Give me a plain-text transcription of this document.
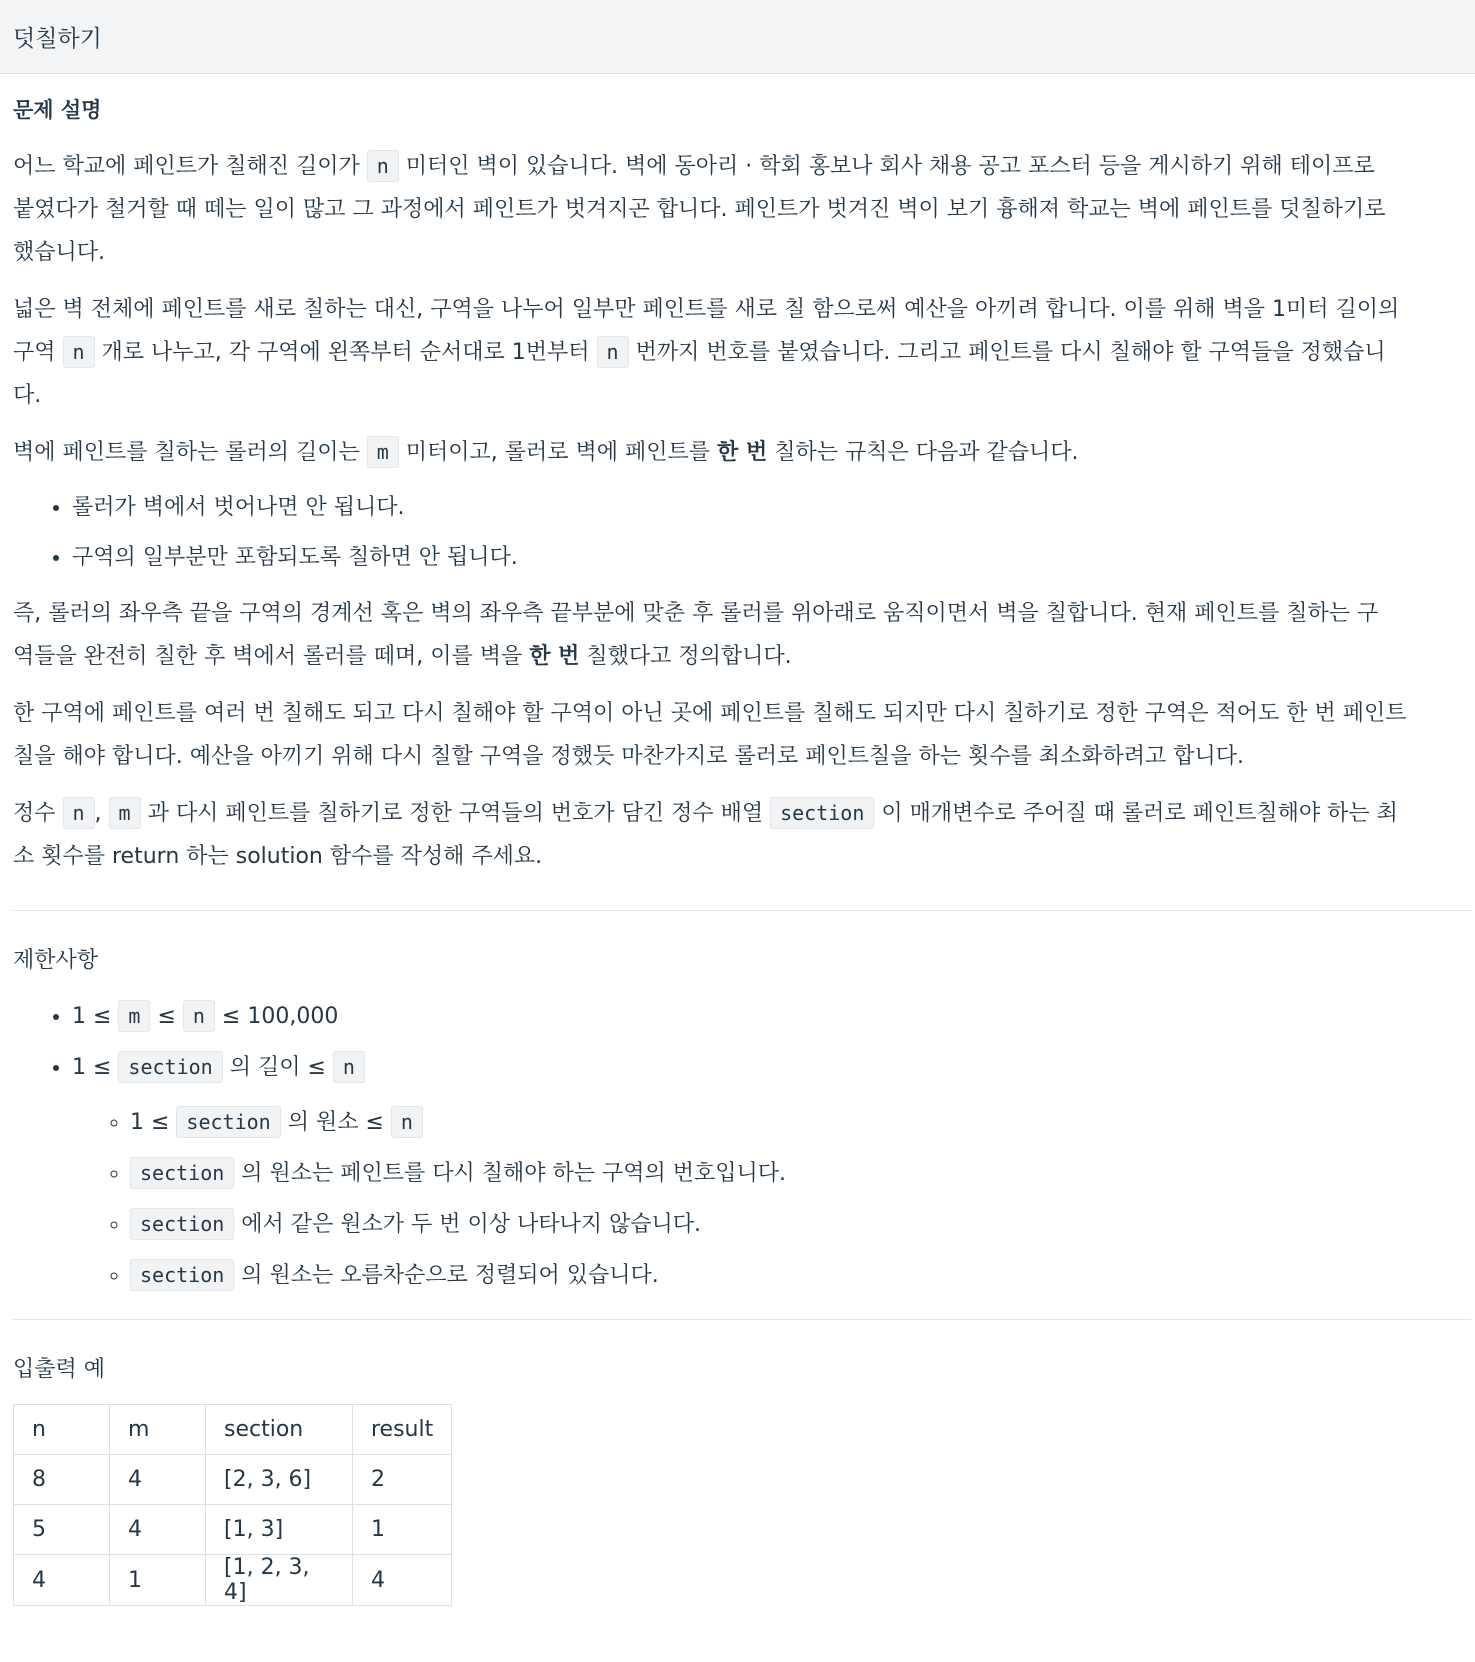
덧칠하기
문제 설명

어느 학교에 페인트가 칠해진 길이가 n 미터인 벽이 있습니다. 벽에 동아리 · 학회 홍보나 회사 채용 공고 포스터 등을 게시하기 위해 테이프로 붙였다가 철거할 때 떼는 일이 많고 그 과정에서 페인트가 벗겨지곤 합니다. 페인트가 벗겨진 벽이 보기 흉해져 학교는 벽에 페인트를 덧칠하기로 했습니다.

넓은 벽 전체에 페인트를 새로 칠하는 대신, 구역을 나누어 일부만 페인트를 새로 칠 함으로써 예산을 아끼려 합니다. 이를 위해 벽을 1미터 길이의 구역 n 개로 나누고, 각 구역에 왼쪽부터 순서대로 1번부터 n 번까지 번호를 붙였습니다. 그리고 페인트를 다시 칠해야 할 구역들을 정했습니다.

벽에 페인트를 칠하는 롤러의 길이는 m 미터이고, 롤러로 벽에 페인트를 한 번 칠하는 규칙은 다음과 같습니다.

• 롤러가 벽에서 벗어나면 안 됩니다.
• 구역의 일부분만 포함되도록 칠하면 안 됩니다.

즉, 롤러의 좌우측 끝을 구역의 경계선 혹은 벽의 좌우측 끝부분에 맞춘 후 롤러를 위아래로 움직이면서 벽을 칠합니다. 현재 페인트를 칠하는 구역들을 완전히 칠한 후 벽에서 롤러를 떼며, 이를 벽을 한 번 칠했다고 정의합니다.

한 구역에 페인트를 여러 번 칠해도 되고 다시 칠해야 할 구역이 아닌 곳에 페인트를 칠해도 되지만 다시 칠하기로 정한 구역은 적어도 한 번 페인트칠을 해야 합니다. 예산을 아끼기 위해 다시 칠할 구역을 정했듯 마찬가지로 롤러로 페인트칠을 하는 횟수를 최소화하려고 합니다.

정수 n , m 과 다시 페인트를 칠하기로 정한 구역들의 번호가 담긴 정수 배열 section 이 매개변수로 주어질 때 롤러로 페인트칠해야 하는 최소 횟수를 return 하는 solution 함수를 작성해 주세요.

제한사항
• 1 ≤ m ≤ n ≤ 100,000
• 1 ≤ section 의 길이 ≤ n
◦ 1 ≤ section 의 원소 ≤ n
◦ section 의 원소는 페인트를 다시 칠해야 하는 구역의 번호입니다.
◦ section 에서 같은 원소가 두 번 이상 나타나지 않습니다.
◦ section 의 원소는 오름차순으로 정렬되어 있습니다.
입출력 예
n	m	section	result
8	4	[2, 3, 6]	2
5	4	[1, 3]	1
4	1	[1, 2, 3, 4]	4
